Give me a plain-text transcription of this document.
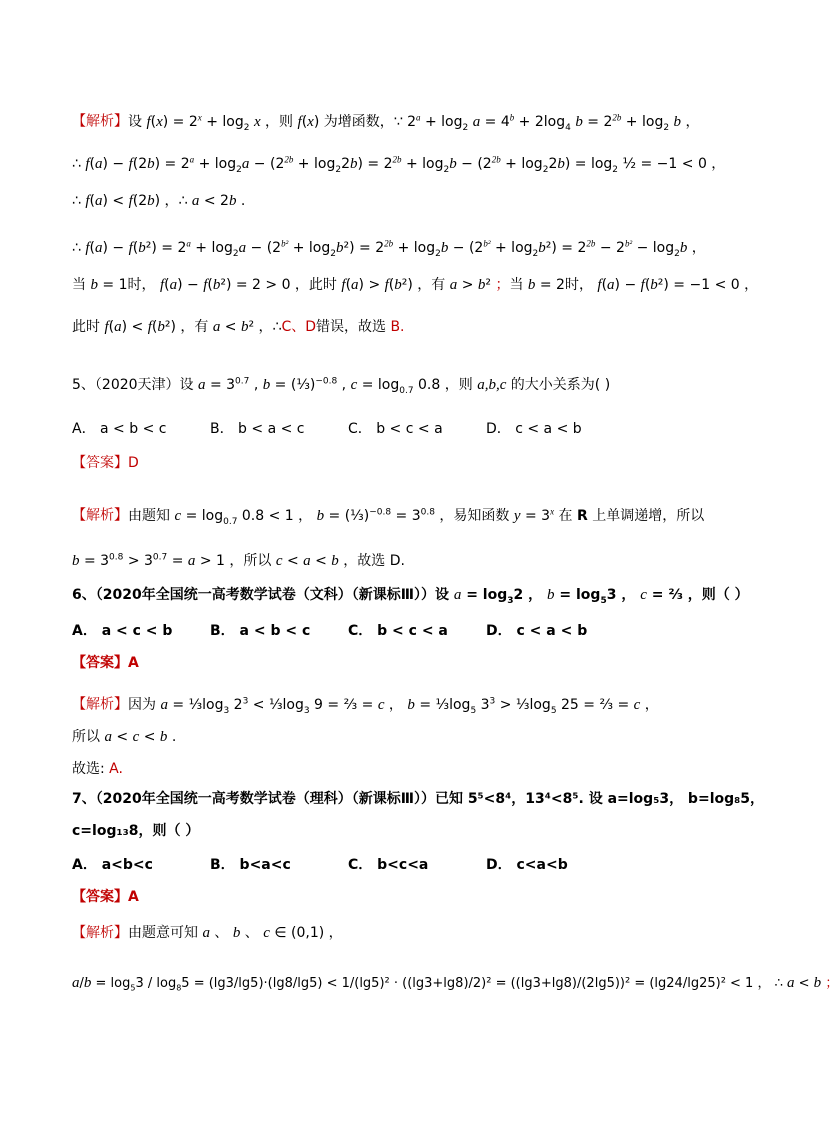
【解析】设 $f(x) = 2^x + \log_2 x$ ，则 f(x) 为增函数，∵ $2^a + \log_2 a = 4^b + 2\log_4$ $b = 2^{2b} + \log_2 b$ ，
∴ $f(a) - f(2b) = 2^a + \log_2a - (2^{2b} + \log_22b) = 2^{2b} + \log_2b - (2^{2b} + \log_22b) = \log_2$ ½ = −1 < 0 ，
∴ f(a) < f(2b) ，∴ a < 2b .
∴ $f(a) - f(b^2) = 2^a + \log_2a - (2^{b^2} + \log_2b^2) = 2^{2b} + \log_2b - (2^{b^2} + \log_2b^2) = 2^{2b} - 2^{b^2} - \log_2b$ ，
当 b = 1时， f(a) − f(b²) = 2 > 0 ，此时 f(a) > f(b²) ，有 a > b² ；当 b = 2时， f(a) − f(b²) = −1 < 0 ，
此时 f(a) < f(b²) ，有 a < b² ，∴C、D错误，故选 B.
5、（2020天津）设 $a = 3^{0.7}$ , b = (⅓)$^{-0.8}$ , $c = \log_{0.7} 0.8$ ，则 a,b,c 的大小关系为( )
A． a < b < c	B． b < a < c	C． b < c < a	D． c < a < b
【答案】D
【解析】由题知 $c = \log_{0.7} 0.8 < 1$ ， b = (⅓)$^{-0.8}$ = $3^{0.8}$ ，易知函数 $y = 3^x$ 在 R 上单调递增，所以
$b = 3^{0.8} > 3^{0.7} = a > 1$ ，所以 c < a < b ，故选 D.
6、（2020年全国统一高考数学试卷（文科）（新课标Ⅲ））设 $a = \log_32$ ， $b = \log_53$ ， c = ⅔ ，则（ ）
A． a < c < b	B． a < b < c	C． b < c < a	D． c < a < b
【答案】A
【解析】因为 $a = \frac{1}{3}\log_3$ $2^3$ < $\frac{1}{3}\log_3$ 9 = ⅔ = c ， $b = \frac{1}{3}\log_5$ $3^3$ > $\frac{1}{3}\log_5$ 25 = ⅔ = c ，
所以 a < c < b .
故选: A.
7、（2020年全国统一高考数学试卷（理科）（新课标Ⅲ））已知 5⁵<8⁴，13⁴<8⁵. 设 a=log₅3， b=log₈5，
c=log₁₃8，则（ ）
A． a<b<c	B． b<a<c	C． b<c<a	D． c<a<b
【答案】A
【解析】由题意可知 a 、 b 、 c ∈ (0,1) ，
$a/b = \log_53 / \log_85 = (\lg 3/\lg 5)\cdot(\lg 8/\lg 5) < 1/(\lg 5)^2 \cdot ((\lg 3+\lg 8)/2)^2 = ((\lg 3+\lg 8)/(2\lg 5))^2 = (\lg 24/\lg 25)^2 < 1$ ， ∴ a < b ；
